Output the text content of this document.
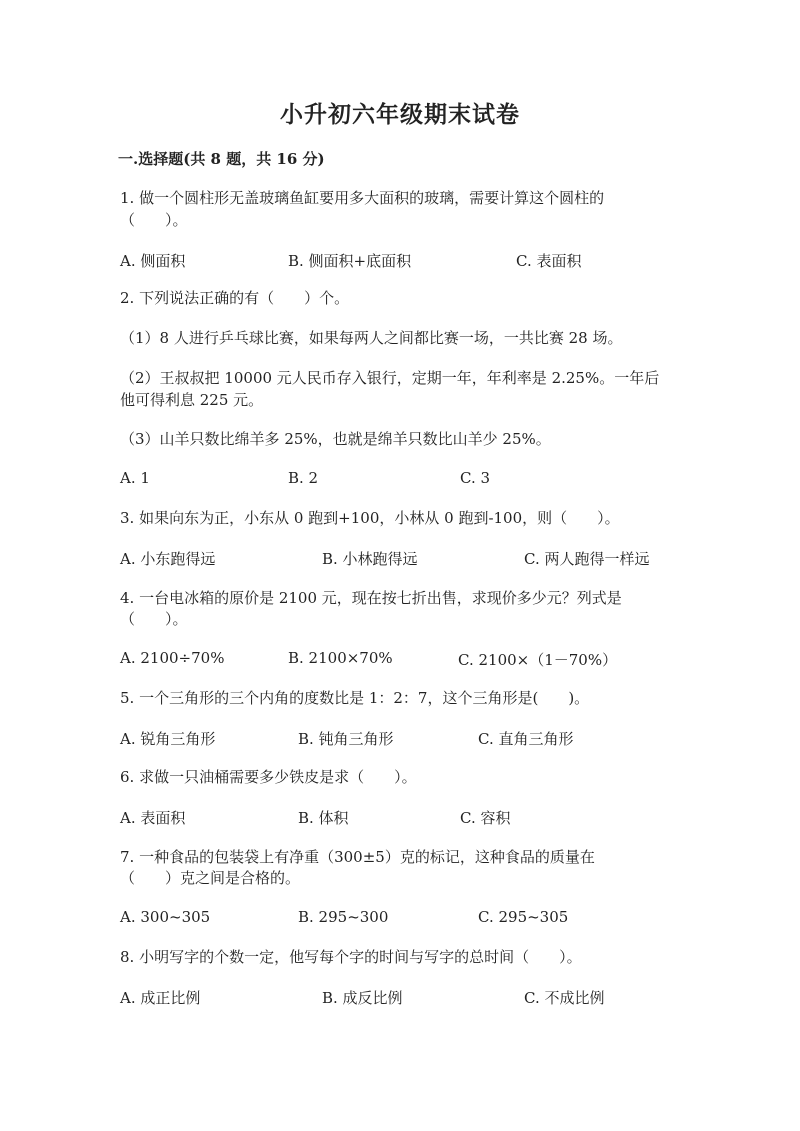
小升初六年级期末试卷
一.选择题(共 8 题，共 16 分)
1. 做一个圆柱形无盖玻璃鱼缸要用多大面积的玻璃，需要计算这个圆柱的
（　　）。
A. 侧面积	B. 侧面积+底面积	C. 表面积
2. 下列说法正确的有（　　）个。
（1）8 人进行乒乓球比赛，如果每两人之间都比赛一场，一共比赛 28 场。
（2）王叔叔把 10000 元人民币存入银行，定期一年，年利率是 2.25%。一年后
他可得利息 225 元。
（3）山羊只数比绵羊多 25%，也就是绵羊只数比山羊少 25%。
A. 1	B. 2	C. 3
3. 如果向东为正，小东从 0 跑到+100，小林从 0 跑到-100，则（　　）。
A. 小东跑得远	B. 小林跑得远	C. 两人跑得一样远
4. 一台电冰箱的原价是 2100 元，现在按七折出售，求现价多少元？列式是
（　　）。
A. 2100÷70%	B. 2100×70%	C. 2100×（1－70%）
5. 一个三角形的三个内角的度数比是 1：2：7，这个三角形是(　　)。
A. 锐角三角形	B. 钝角三角形	C. 直角三角形
6. 求做一只油桶需要多少铁皮是求（　　）。
A. 表面积	B. 体积	C. 容积
7. 一种食品的包装袋上有净重（300±5）克的标记，这种食品的质量在
（　　）克之间是合格的。
A. 300~305	B. 295~300	C. 295~305
8. 小明写字的个数一定，他写每个字的时间与写字的总时间（　　）。
A. 成正比例	B. 成反比例	C. 不成比例
